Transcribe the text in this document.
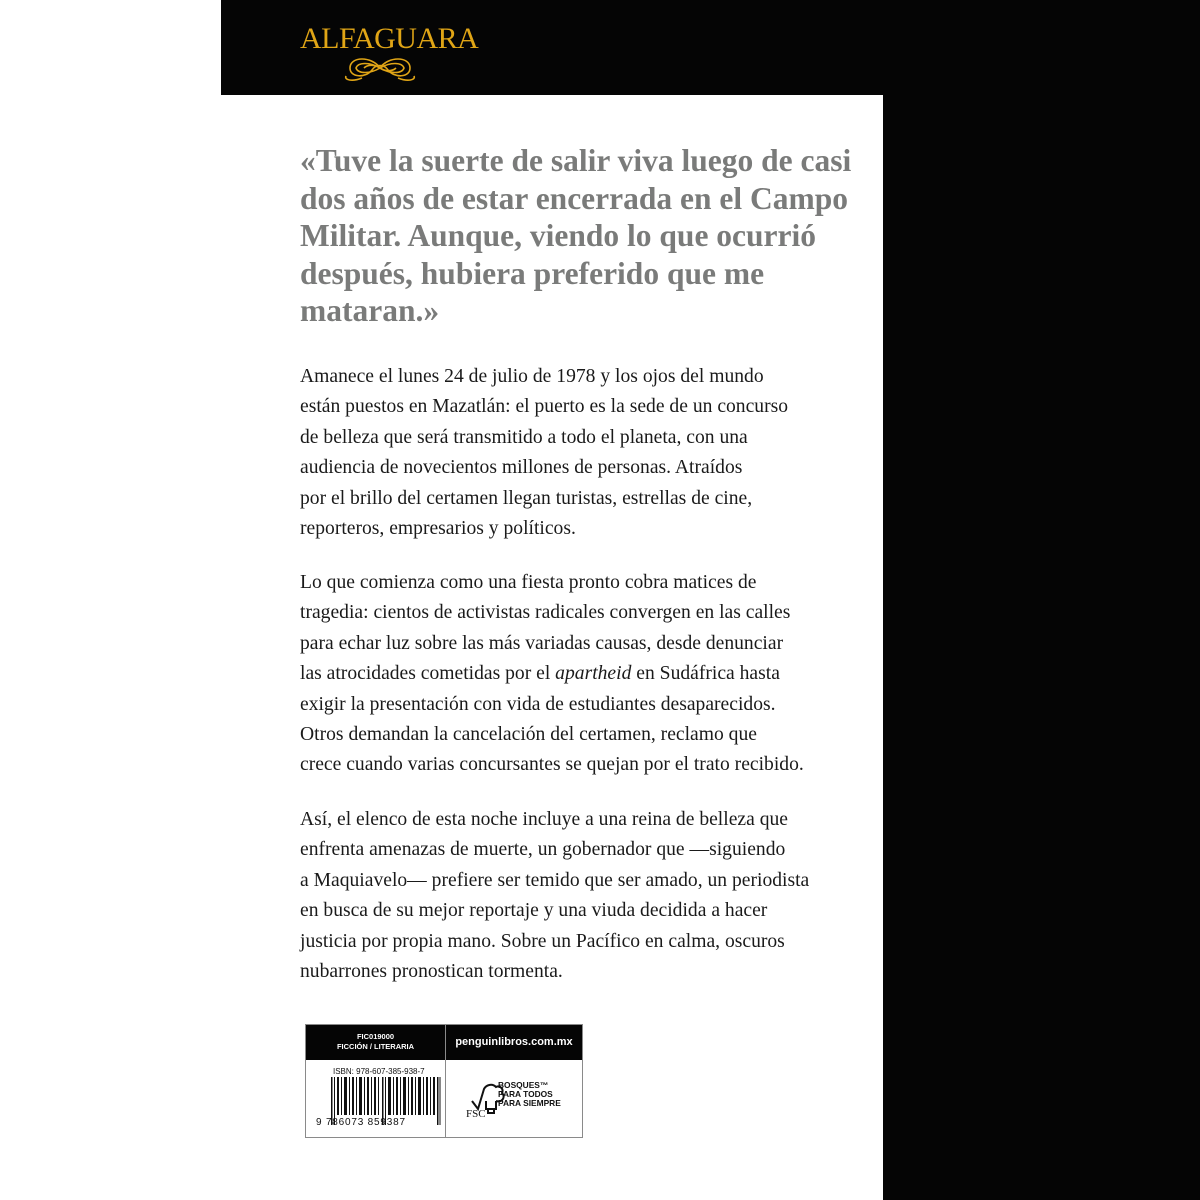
ALFAGUARA

«Tuve la suerte de salir viva luego de casi

dos años de estar encerrada en el Campo

Militar. Aunque, viendo lo que ocurrió

después, hubiera preferido que me

mataran.»

Amanece el lunes 24 de julio de 1978 y los ojos del mundo

están puestos en Mazatlán: el puerto es la sede de un concurso

de belleza que será transmitido a todo el planeta, con una

audiencia de novecientos millones de personas. Atraídos

por el brillo del certamen llegan turistas, estrellas de cine,

reporteros, empresarios y políticos.

Lo que comienza como una fiesta pronto cobra matices de

tragedia: cientos de activistas radicales convergen en las calles

para echar luz sobre las más variadas causas, desde denunciar

las atrocidades cometidas por el apartheid en Sudáfrica hasta

exigir la presentación con vida de estudiantes desaparecidos.

Otros demandan la cancelación del certamen, reclamo que

crece cuando varias concursantes se quejan por el trato recibido.

Así, el elenco de esta noche incluye a una reina de belleza que

enfrenta amenazas de muerte, un gobernador que —siguiendo

a Maquiavelo— prefiere ser temido que ser amado, un periodista

en busca de su mejor reportaje y una viuda decidida a hacer

justicia por propia mano. Sobre un Pacífico en calma, oscuros

nubarrones pronostican tormenta.

FIC019000
FICCIÓN / LITERARIA
ISBN: 978-607-385-938-7
9 786073 859387
penguinlibros.com.mx
FSC
BOSQUES™
PARA TODOS
PARA SIEMPRE
